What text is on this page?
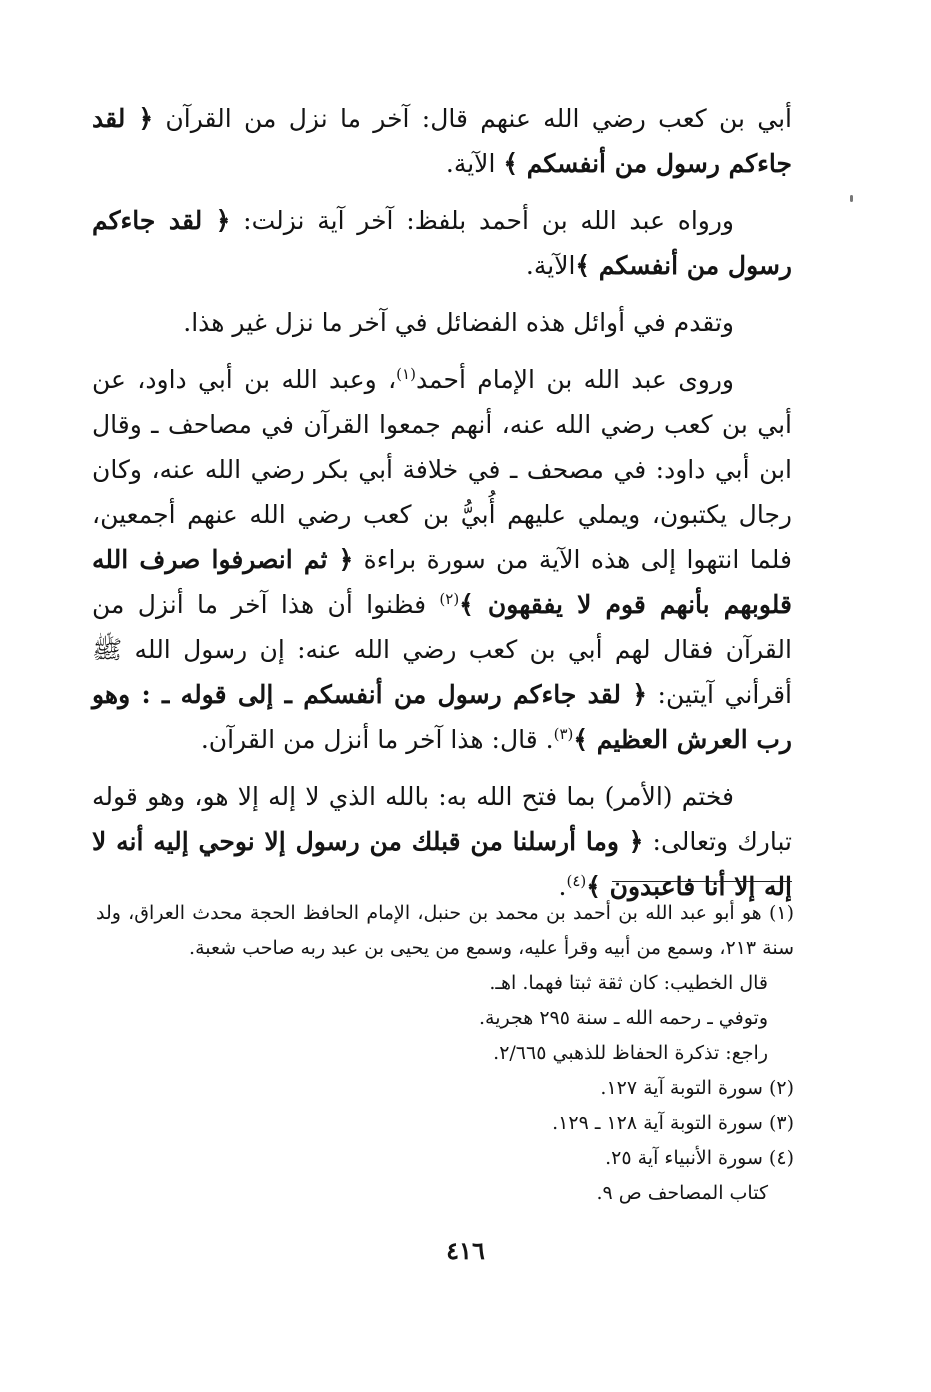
أبي بن كعب رضي الله عنهم قال: آخر ما نزل من القرآن ﴿ لقد جاءكم رسول من أنفسكم ﴾ الآية.

ورواه عبد الله بن أحمد بلفظ: آخر آية نزلت: ﴿ لقد جاءكم رسول من أنفسكم ﴾الآية.

وتقدم في أوائل هذه الفضائل في آخر ما نزل غير هذا.

وروى عبد الله بن الإمام أحمد$^{(١)}$، وعبد الله بن أبي داود، عن أبي بن كعب رضي الله عنه، أنهم جمعوا القرآن في مصاحف ـ وقال ابن أبي داود: في مصحف ـ في خلافة أبي بكر رضي الله عنه، وكان رجال يكتبون، ويملي عليهم أُبيُّ بن كعب رضي الله عنهم أجمعين، فلما انتهوا إلى هذه الآية من سورة براءة ﴿ ثم انصرفوا صرف الله قلوبهم بأنهم قوم لا يفقهون ﴾$^{(٢)}$ فظنوا أن هذا آخر ما أنزل من القرآن فقال لهم أبي بن كعب رضي الله عنه: إن رسول الله ﷺ أقرأني آيتين: ﴿ لقد جاءكم رسول من أنفسكم ـ إلى قوله ـ : وهو رب العرش العظيم ﴾$^{(٣)}$. قال: هذا آخر ما أنزل من القرآن.

فختم (الأمر) بما فتح الله به: بالله الذي لا إله إلا هو، وهو قوله تبارك وتعالى: ﴿ وما أرسلنا من قبلك من رسول إلا نوحي إليه أنه لا إله إلا أنا فاعبدون ﴾$^{(٤)}$.

(١) هو أبو عبد الله بن أحمد بن محمد بن حنبل، الإمام الحافظ الحجة محدث العراق، ولد سنة ٢١٣، وسمع من أبيه وقرأ عليه، وسمع من يحيى بن عبد ربه صاحب شعبة.
قال الخطيب: كان ثقة ثبتا فهما. اهـ.
وتوفي ـ رحمه الله ـ سنة ٢٩٥ هجرية.
راجع: تذكرة الحفاظ للذهبي ٢/٦٦٥.
(٢) سورة التوبة آية ١٢٧.
(٣) سورة التوبة آية ١٢٨ ـ ١٢٩.
(٤) سورة الأنبياء آية ٢٥.
كتاب المصاحف ص ٩.
٤١٦
